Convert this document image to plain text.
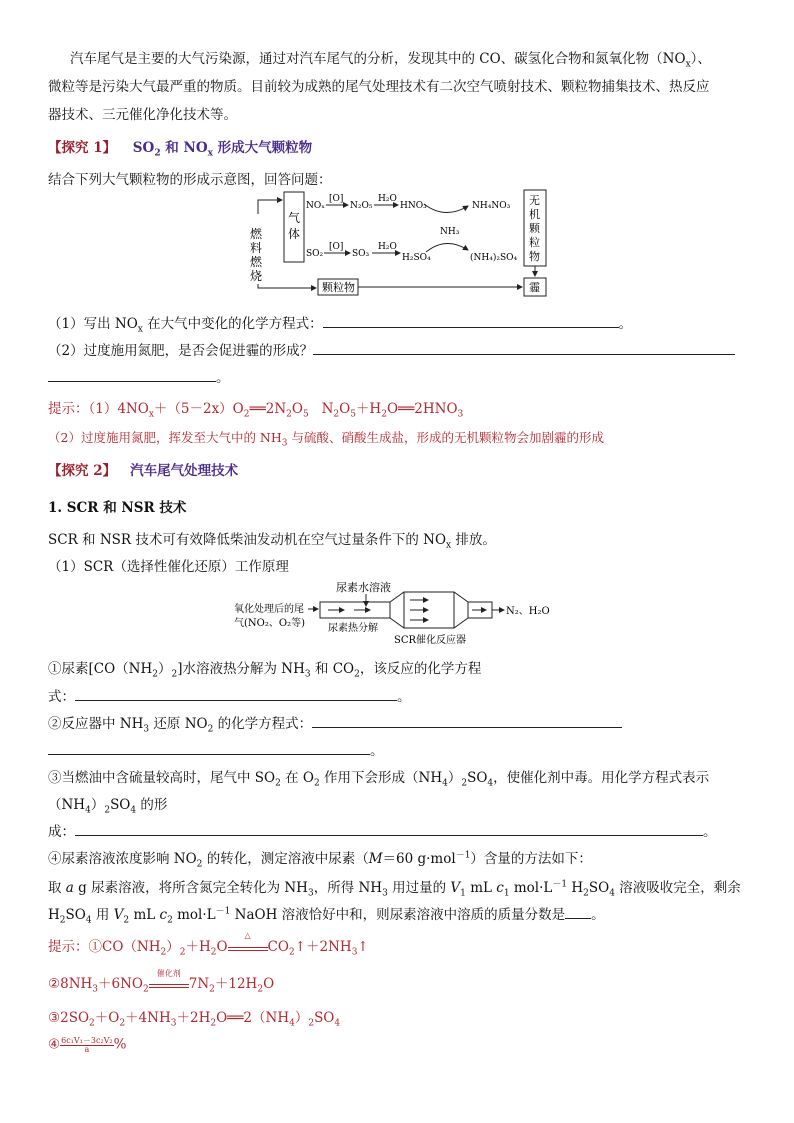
汽车尾气是主要的大气污染源，通过对汽车尾气的分析，发现其中的 CO、碳氢化合物和氮氧化物$(NO_x)$、
微粒等是污染大气最严重的物质。目前较为成熟的尾气处理技术有二次空气喷射技术、颗粒物捕集技术、热反应
器技术、三元催化净化技术等。
【探究 1】 $SO_2$ 和 $NO_x$ 形成大气颗粒物
结合下列大气颗粒物的形成示意图，回答问题：
燃
料
燃
烧
气
体
NOₓ
[O]
N₂O₅
H₂O
HNO₃	NH₄NO₃
SO₂
[O]
SO₃
H₂O
H₂SO₄	(NH₄)₂SO₄
NH₃
无
机
颗
粒
物
颗粒物	霾
（1）写出 $NO_x$ 在大气中变化的化学方程式：	。
（2）过度施用氮肥，是否会促进霾的形成？
。
提示：$(1)4NO_x+(5-2x)O_2══2N_2O_5$   $N_2O_5+H_2O══2HNO_3$
（2）过度施用氮肥，挥发至大气中的 $NH_3$ 与硫酸、硝酸生成盐，形成的无机颗粒物会加剧霾的形成
【探究 2】 汽车尾气处理技术
1. SCR 和 NSR 技术
SCR 和 NSR 技术可有效降低柴油发动机在空气过量条件下的 $NO_x$ 排放。
（1）SCR（选择性催化还原）工作原理
尿素水溶液
氧化处理后的尾
气(NO₂、O₂等) 尿素热分解
SCR催化反应器
N₂、H₂O
①尿素$[CO(NH_2)_2]$水溶液热分解为 $NH_3$ 和 $CO_2$，该反应的化学方程
式：	。
②反应器中 $NH_3$ 还原 $NO_2$ 的化学方程式：
。
③当燃油中含硫量较高时，尾气中 $SO_2$ 在 $O_2$ 作用下会形成$(NH_4)_2SO_4$，使催化剂中毒。用化学方程式表示
$(NH_4)_2SO_4$ 的形
成：	。
④尿素溶液浓度影响 $NO_2$ 的转化，测定溶液中尿素（M＝60 g·mol$^{-1}$）含量的方法如下：
取 a g 尿素溶液，将所含氮完全转化为 $NH_3$，所得 $NH_3$ 用过量的 $V_1$ mL $c_1$ $mol\cdot L^{-1}$ $H_2SO_4$ 溶液吸收完全，剩余
$H_2SO_4$ 用 $V_2$ mL $c_2$ $mol\cdot L^{-1}$ NaOH 溶液恰好中和，则尿素溶液中溶质的质量分数是 。
提示：$①CO(NH_2)_2+H_2O$
△
$CO_2↑+2NH_3↑$
$②8NH_3+6NO_2$
催化剂
$7N_2+12H_2O$
$③2SO_2+O_2+4NH_3+2H_2O══2(NH_4)_2SO_4$
$④\frac{\text{6c₁V₁－3c₂V₂}}{a}\%$
